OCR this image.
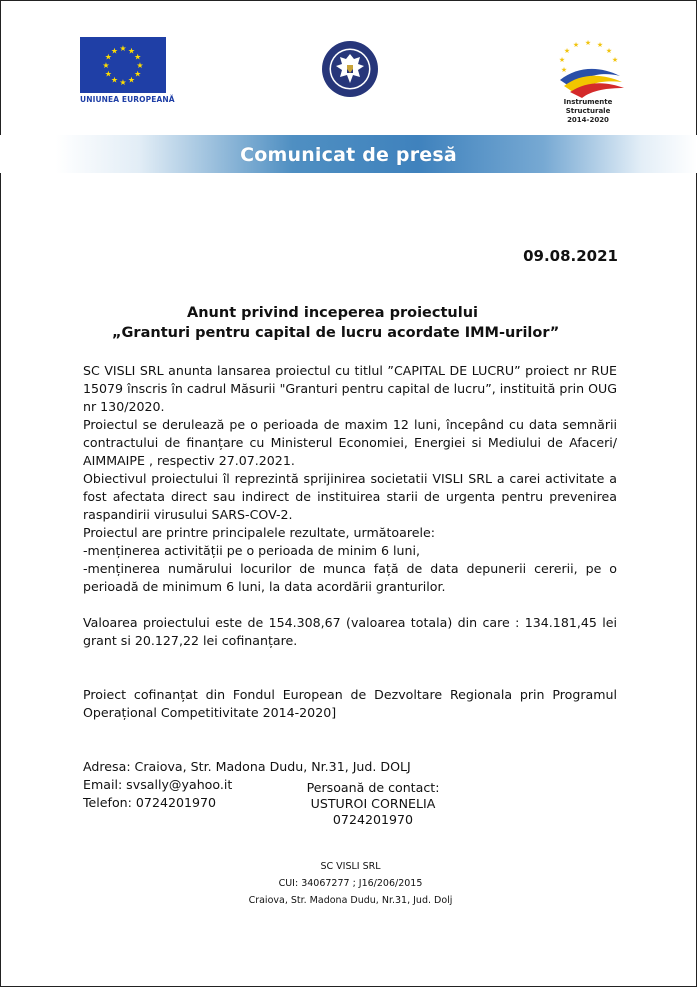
★ ★
★
★
★
★
★
★
★
★
★
★
UNIUNEA EUROPEANĂ
★ ★
★
★	★
★	★
★
Instrumente Structurale
2014-2020
Comunicat de presă
09.08.2021
Anunt privind inceperea proiectului
„Granturi pentru capital de lucru acordate IMM-urilor”

SC VISLI SRL anunta lansarea proiectul cu titlul ”CAPITAL DE LUCRU” proiect nr RUE 15079 înscris în cadrul Măsurii "Granturi pentru capital de lucru”, instituită prin OUG nr 130/2020.

Proiectul se derulează pe o perioada de maxim 12 luni, începând cu data semnării contractului de finanțare cu Ministerul Economiei, Energiei si Mediului de Afaceri/ AIMMAIPE , respectiv 27.07.2021.

Obiectivul proiectului îl reprezintă sprijinirea societatii VISLI SRL a carei activitate a fost afectata direct sau indirect de instituirea starii de urgenta pentru prevenirea raspandirii virusului SARS-COV-2.

Proiectul are printre principalele rezultate, următoarele:

-menținerea activității pe o perioada de minim 6 luni,

-menținerea numărului locurilor de munca față de data depunerii cererii, pe o perioadă de minimum 6 luni, la data acordării granturilor.

Valoarea proiectului este de 154.308,67 (valoarea totala) din care : 134.181,45 lei grant si 20.127,22 lei cofinanțare.

Proiect cofinanțat din Fondul European de Dezvoltare Regionala prin Programul Operațional Competitivitate 2014-2020]

Adresa: Craiova, Str. Madona Dudu, Nr.31, Jud. DOLJ

Email: svsally@yahoo.it

Telefon: 0724201970

Persoană de contact:
USTUROI CORNELIA
0724201970
SC VISLI SRL
CUI: 34067277 ; J16/206/2015
Craiova, Str. Madona Dudu, Nr.31, Jud. Dolj
